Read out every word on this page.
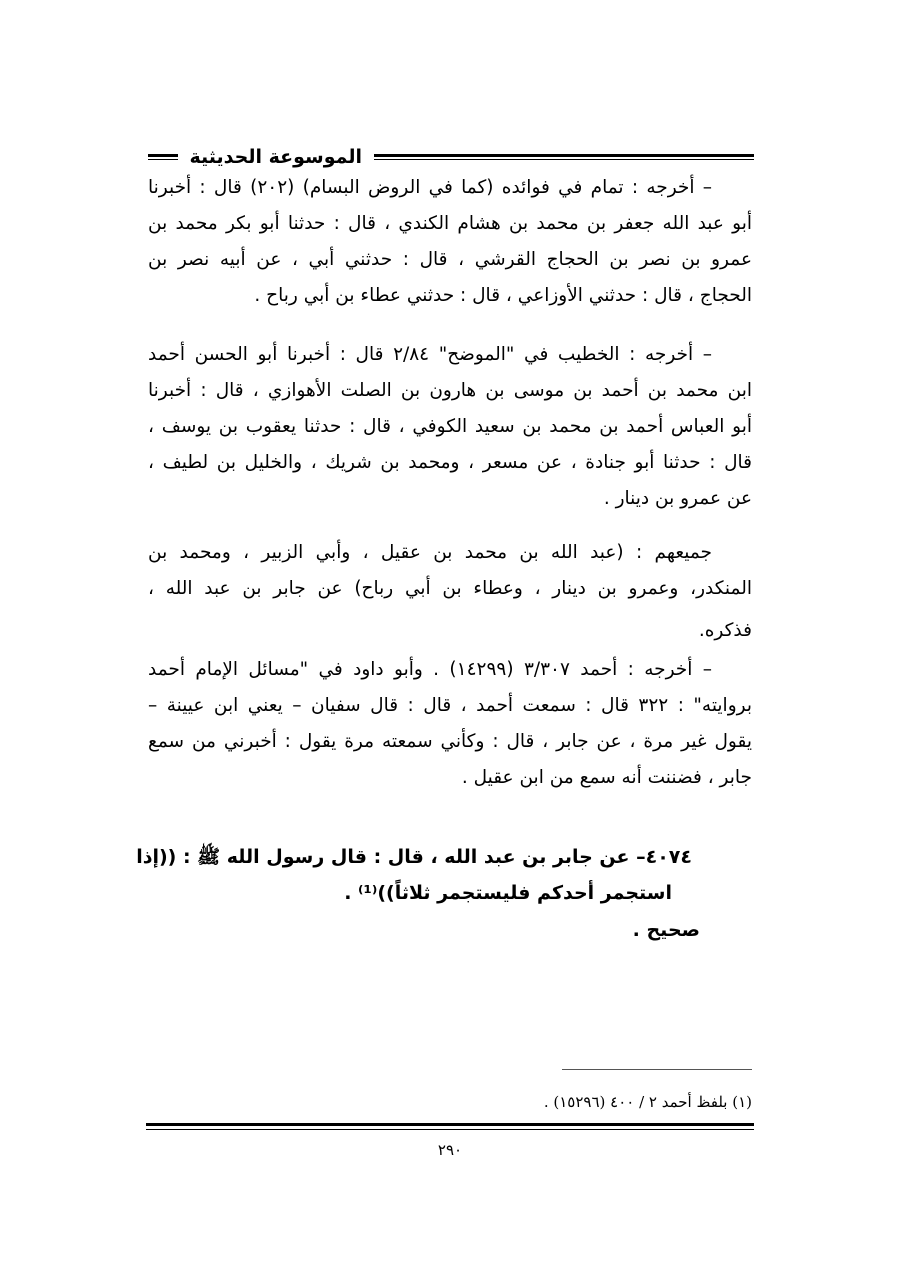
الموسوعة الحديثية
– أخرجه : تمام في فوائده (كما في الروض البسام) (٢٠٢) قال : أخبرنا
أبو عبد الله جعفر بن محمد بن هشام الكندي ، قال : حدثنا أبو بكر محمد بن
عمرو بن نصر بن الحجاج القرشي ، قال : حدثني أبي ، عن أبيه نصر بن
الحجاج ، قال : حدثني الأوزاعي ، قال : حدثني عطاء بن أبي رباح .
– أخرجه : الخطيب في "الموضح" ٢/٨٤ قال : أخبرنا أبو الحسن أحمد
ابن محمد بن أحمد بن موسى بن هارون بن الصلت الأهوازي ، قال : أخبرنا
أبو العباس أحمد بن محمد بن سعيد الكوفي ، قال : حدثنا يعقوب بن يوسف ،
قال : حدثنا أبو جنادة ، عن مسعر ، ومحمد بن شريك ، والخليل بن لطيف ،
عن عمرو بن دينار .
جميعهم : (عبد الله بن محمد بن عقيل ، وأبي الزبير ، ومحمد بن
المنكدر، وعمرو بن دينار ، وعطاء بن أبي رباح) عن جابر بن عبد الله ،
فذكره.
– أخرجه : أحمد ٣/٣٠٧ (١٤٢٩٩) . وأبو داود في "مسائل الإمام أحمد
بروايته" : ٣٢٢ قال : سمعت أحمد ، قال : قال سفيان – يعني ابن عيينة –
يقول غير مرة ، عن جابر ، قال : وكأني سمعته مرة يقول : أخبرني من سمع
جابر ، فضننت أنه سمع من ابن عقيل .
٤٠٧٤– عن جابر بن عبد الله ، قال : قال رسول الله ﷺ : ((إذا
استجمر أحدكم فليستجمر ثلاثاً))⁽¹⁾ .
صحيح .
(١) بلفظ أحمد ٢ / ٤٠٠ (١٥٢٩٦) .
٢٩٠
